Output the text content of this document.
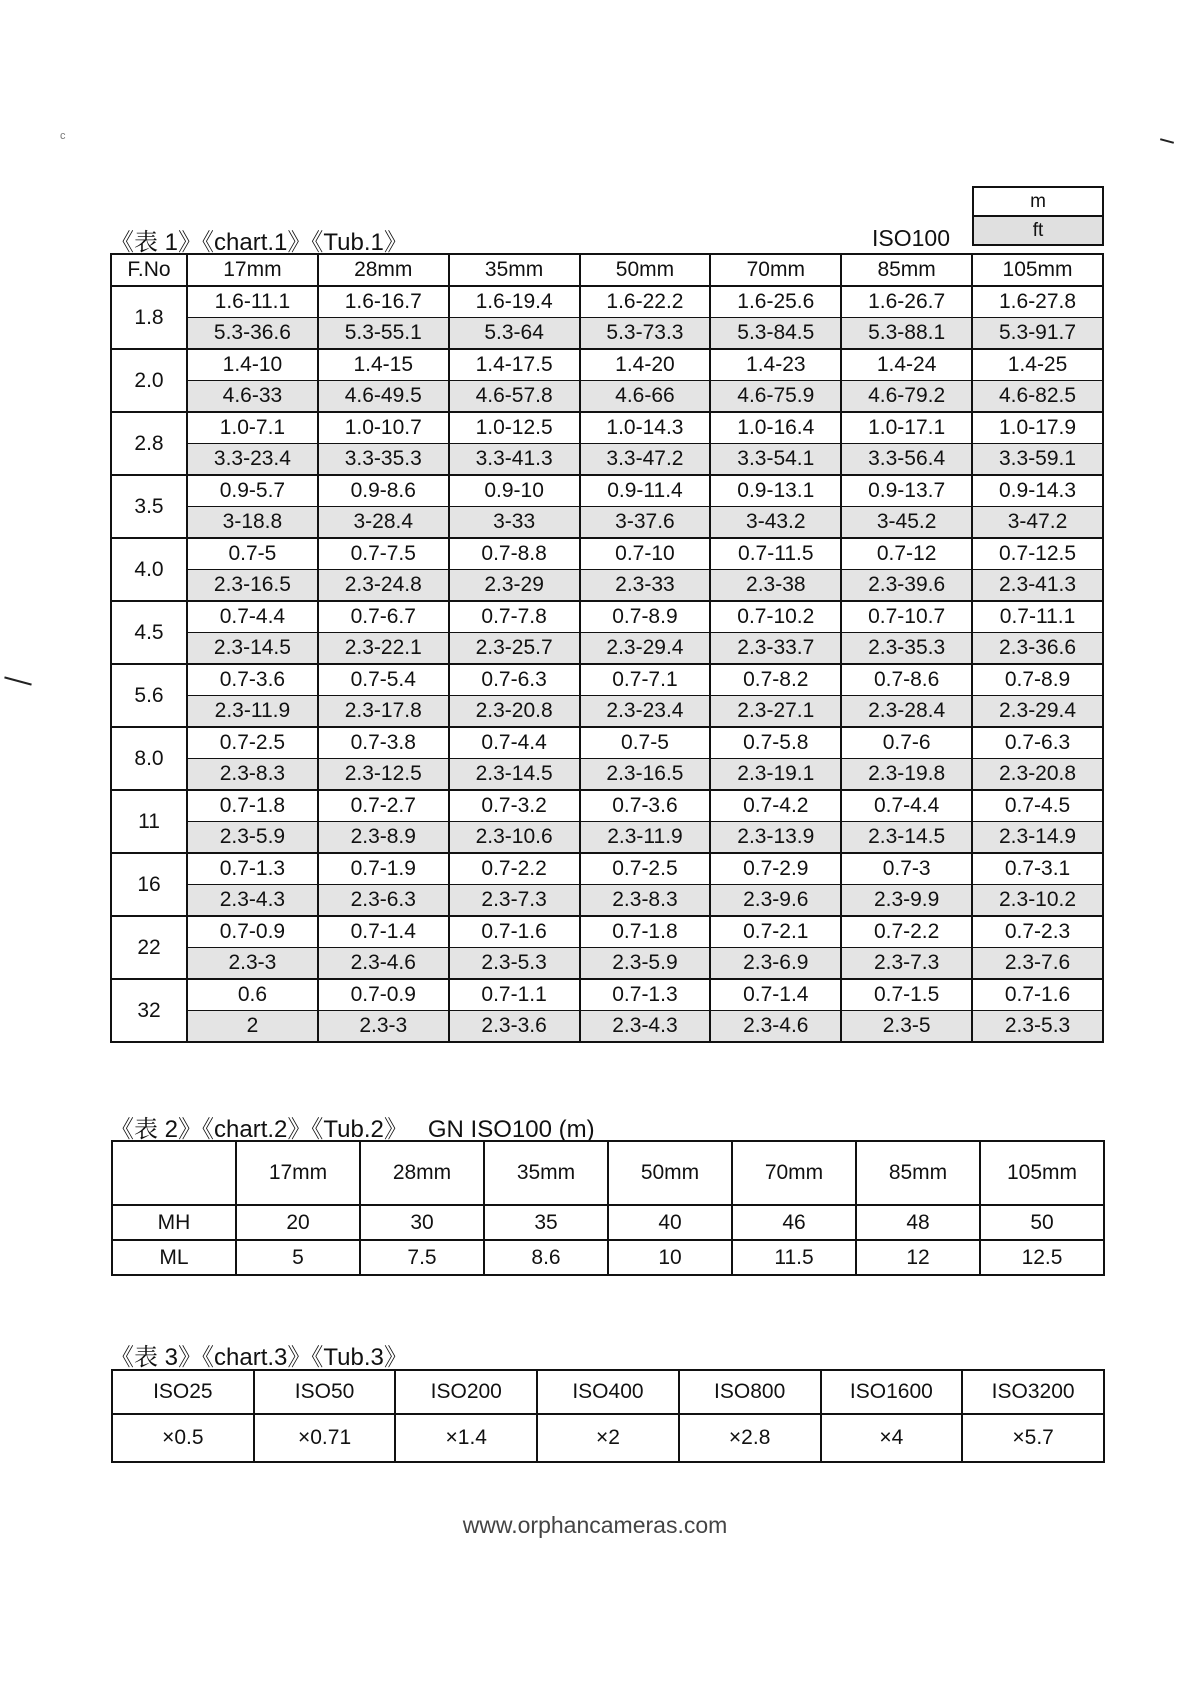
c
《表 1》《chart.1》《Tub.1》	ISO100
m
ft
F.No	17mm	28mm	35mm	50mm	70mm	85mm	105mm
1.8	1.6-11.1	1.6-16.7	1.6-19.4	1.6-22.2	1.6-25.6	1.6-26.7	1.6-27.8
	5.3-36.6	5.3-55.1	5.3-64	5.3-73.3	5.3-84.5	5.3-88.1	5.3-91.7
2.0	1.4-10	1.4-15	1.4-17.5	1.4-20	1.4-23	1.4-24	1.4-25
	4.6-33	4.6-49.5	4.6-57.8	4.6-66	4.6-75.9	4.6-79.2	4.6-82.5
2.8	1.0-7.1	1.0-10.7	1.0-12.5	1.0-14.3	1.0-16.4	1.0-17.1	1.0-17.9
	3.3-23.4	3.3-35.3	3.3-41.3	3.3-47.2	3.3-54.1	3.3-56.4	3.3-59.1
3.5	0.9-5.7	0.9-8.6	0.9-10	0.9-11.4	0.9-13.1	0.9-13.7	0.9-14.3
	3-18.8	3-28.4	3-33	3-37.6	3-43.2	3-45.2	3-47.2
4.0	0.7-5	0.7-7.5	0.7-8.8	0.7-10	0.7-11.5	0.7-12	0.7-12.5
	2.3-16.5	2.3-24.8	2.3-29	2.3-33	2.3-38	2.3-39.6	2.3-41.3
4.5	0.7-4.4	0.7-6.7	0.7-7.8	0.7-8.9	0.7-10.2	0.7-10.7	0.7-11.1
	2.3-14.5	2.3-22.1	2.3-25.7	2.3-29.4	2.3-33.7	2.3-35.3	2.3-36.6
5.6	0.7-3.6	0.7-5.4	0.7-6.3	0.7-7.1	0.7-8.2	0.7-8.6	0.7-8.9
	2.3-11.9	2.3-17.8	2.3-20.8	2.3-23.4	2.3-27.1	2.3-28.4	2.3-29.4
8.0	0.7-2.5	0.7-3.8	0.7-4.4	0.7-5	0.7-5.8	0.7-6	0.7-6.3
	2.3-8.3	2.3-12.5	2.3-14.5	2.3-16.5	2.3-19.1	2.3-19.8	2.3-20.8
11	0.7-1.8	0.7-2.7	0.7-3.2	0.7-3.6	0.7-4.2	0.7-4.4	0.7-4.5
	2.3-5.9	2.3-8.9	2.3-10.6	2.3-11.9	2.3-13.9	2.3-14.5	2.3-14.9
16	0.7-1.3	0.7-1.9	0.7-2.2	0.7-2.5	0.7-2.9	0.7-3	0.7-3.1
	2.3-4.3	2.3-6.3	2.3-7.3	2.3-8.3	2.3-9.6	2.3-9.9	2.3-10.2
22	0.7-0.9	0.7-1.4	0.7-1.6	0.7-1.8	0.7-2.1	0.7-2.2	0.7-2.3
	2.3-3	2.3-4.6	2.3-5.3	2.3-5.9	2.3-6.9	2.3-7.3	2.3-7.6
32	0.6	0.7-0.9	0.7-1.1	0.7-1.3	0.7-1.4	0.7-1.5	0.7-1.6
	2	2.3-3	2.3-3.6	2.3-4.3	2.3-4.6	2.3-5	2.3-5.3
《表 2》《chart.2》《Tub.2》   GN ISO100 (m)
	17mm	28mm	35mm	50mm	70mm	85mm	105mm
MH	20	30	35	40	46	48	50
ML	5	7.5	8.6	10	11.5	12	12.5
《表 3》《chart.3》《Tub.3》
ISO25	ISO50	ISO200	ISO400	ISO800	ISO1600	ISO3200
×0.5	×0.71	×1.4	×2	×2.8	×4	×5.7
www.orphancameras.com
